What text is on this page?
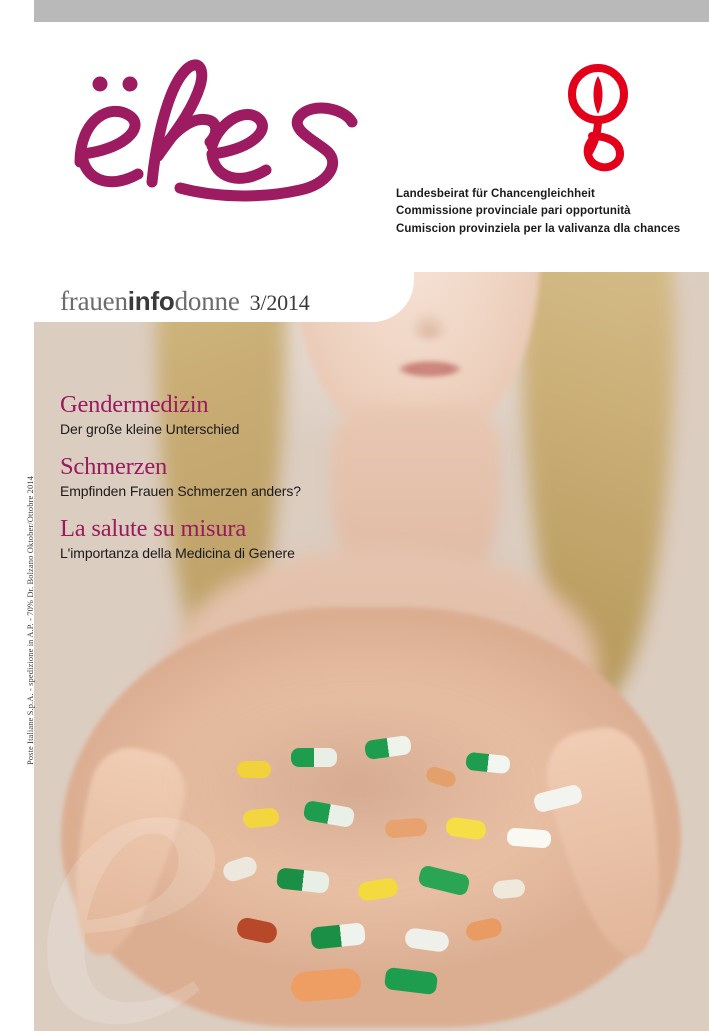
Landesbeirat für Chancengleichheit
Commissione provinciale pari opportunità
Cumiscion provinziela per la valivanza dla chances
fraueninfodonne 3/2014
Gendermedizin
Der große kleine Unterschied
Schmerzen
Empfinden Frauen Schmerzen anders?
La salute su misura
L'importanza della Medicina di Genere
Poste Italiane S.p.A. - spedizione in A.P. - 70% Dr. Bolzano Oktober/Ottobre 2014
